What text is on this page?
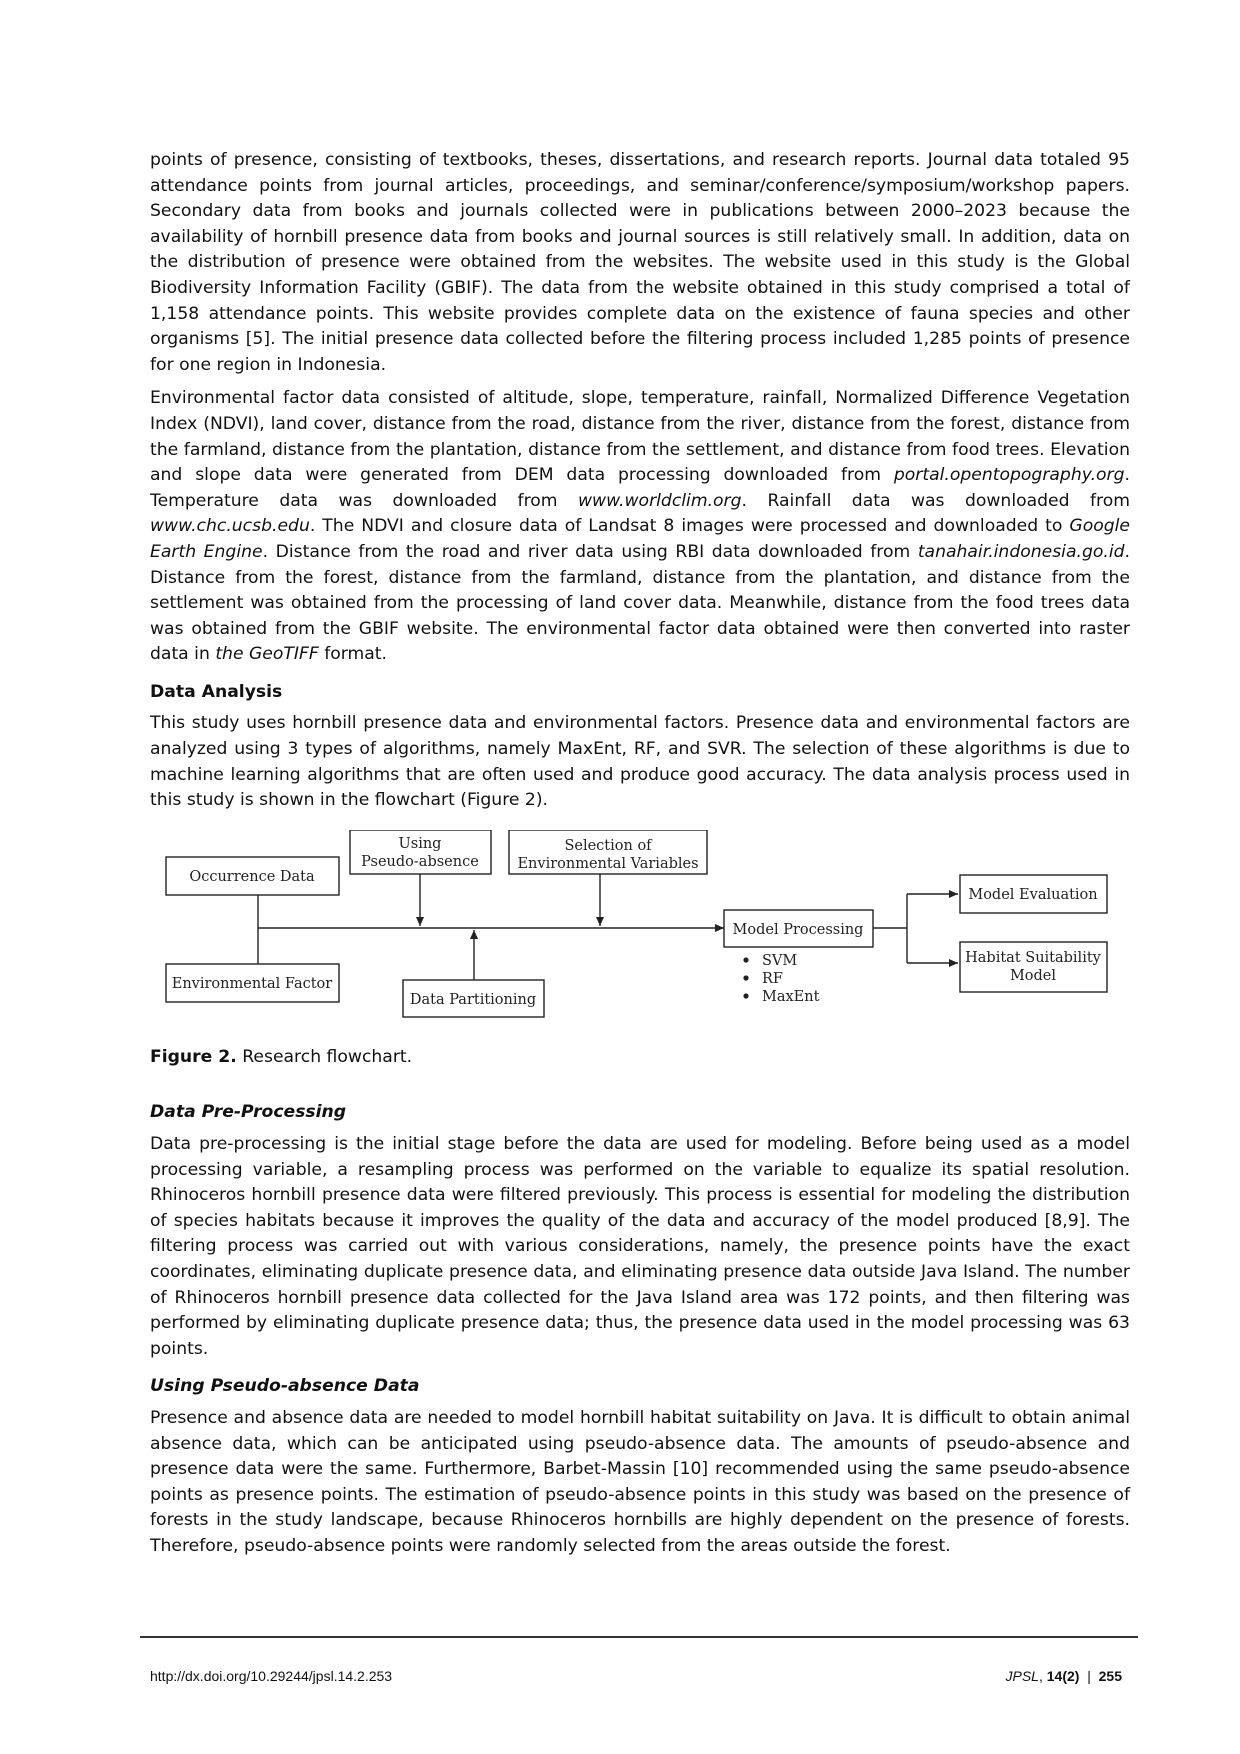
points of presence, consisting of textbooks, theses, dissertations, and research reports. Journal data totaled 95 attendance points from journal articles, proceedings, and seminar/conference/symposium/workshop papers. Secondary data from books and journals collected were in publications between 2000–2023 because the availability of hornbill presence data from books and journal sources is still relatively small. In addition, data on the distribution of presence were obtained from the websites. The website used in this study is the Global Biodiversity Information Facility (GBIF). The data from the website obtained in this study comprised a total of 1,158 attendance points. This website provides complete data on the existence of fauna species and other organisms [5]. The initial presence data collected before the filtering process included 1,285 points of presence for one region in Indonesia.

Environmental factor data consisted of altitude, slope, temperature, rainfall, Normalized Difference Vegetation Index (NDVI), land cover, distance from the road, distance from the river, distance from the forest, distance from the farmland, distance from the plantation, distance from the settlement, and distance from food trees. Elevation and slope data were generated from DEM data processing downloaded from portal.opentopography.org. Temperature data was downloaded from www.worldclim.org. Rainfall data was downloaded from www.chc.ucsb.edu. The NDVI and closure data of Landsat 8 images were processed and downloaded to Google Earth Engine. Distance from the road and river data using RBI data downloaded from tanahair.indonesia.go.id. Distance from the forest, distance from the farmland, distance from the plantation, and distance from the settlement was obtained from the processing of land cover data. Meanwhile, distance from the food trees data was obtained from the GBIF website. The environmental factor data obtained were then converted into raster data in the GeoTIFF format.

Data Analysis

This study uses hornbill presence data and environmental factors. Presence data and environmental factors are analyzed using 3 types of algorithms, namely MaxEnt, RF, and SVR. The selection of these algorithms is due to machine learning algorithms that are often used and produce good accuracy. The data analysis process used in this study is shown in the flowchart (Figure 2).

Occurrence Data
Environmental Factor
Using
Pseudo-absence
Selection of
Environmental Variables
Data Partitioning
Model Processing
Model Evaluation
Habitat Suitability
Model
SVM
RF
MaxEnt
Figure 2. Research flowchart.
Data Pre-Processing

Data pre-processing is the initial stage before the data are used for modeling. Before being used as a model processing variable, a resampling process was performed on the variable to equalize its spatial resolution. Rhinoceros hornbill presence data were filtered previously. This process is essential for modeling the distribution of species habitats because it improves the quality of the data and accuracy of the model produced [8,9]. The filtering process was carried out with various considerations, namely, the presence points have the exact coordinates, eliminating duplicate presence data, and eliminating presence data outside Java Island. The number of Rhinoceros hornbill presence data collected for the Java Island area was 172 points, and then filtering was performed by eliminating duplicate presence data; thus, the presence data used in the model processing was 63 points.

Using Pseudo-absence Data

Presence and absence data are needed to model hornbill habitat suitability on Java. It is difficult to obtain animal absence data, which can be anticipated using pseudo-absence data. The amounts of pseudo-absence and presence data were the same. Furthermore, Barbet-Massin [10] recommended using the same pseudo-absence points as presence points. The estimation of pseudo-absence points in this study was based on the presence of forests in the study landscape, because Rhinoceros hornbills are highly dependent on the presence of forests. Therefore, pseudo-absence points were randomly selected from the areas outside the forest.

http://dx.doi.org/10.29244/jpsl.14.2.253	JPSL, 14(2) | 255
